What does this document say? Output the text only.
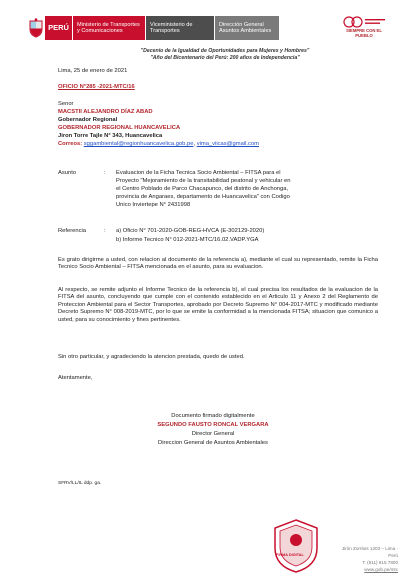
PERÚ	Ministerio de Transportes y Comunicaciones
Viceministerio de Transportes
Dirección General Asuntos Ambientales	SIEMPRE CON EL PUEBLO
"Decenio de la Igualdad de Oportunidades para Mujeres y Hombres"
"Año del Bicentenario del Perú: 200 años de Independencia"
Lima, 25 de enero de 2021
OFICIO N°285 -2021-MTC/16
Senor
MACSTII ALEJANDRO DÍAZ ABAD
Gobernador Regional
GOBERNADOR REGIONAL HUANCAVELICA
Jiron Torre Tajle N° 343, Huancavelica
Correos: sggambiental@regionhuancavelica.gob.pe, vima_viicas@gmail.com
Asunto	: Evaluacion de la Ficha Tecnica Socio Ambiental – FITSA para el
Proyecto "Mejoramiento de la transitabilidad peatonal y vehicular en
el Centro Poblado de Parco Chacapunco, del distrito de Anchonga,
provincia de Angaraes, departamento de Huancavelica" con Codigo
Unico Inviertepe N° 2431998
Referencia	: a) Oficio N° 701-2020-GOB-REG-HVCA (E-302129-2020)
b) Informe Tecnico N° 012-2021-MTC/16.02.VADP.YGA
Es grato dirigirme a usted, con relacion al documento de la referencia a), mediante el cual su representado, remite la Ficha Tecnico Socio Ambiental – FITSA mencionada en el asunto, para su evaluacion.
Al respecto, se remite adjunto el Informe Tecnico de la referencia b), el cual precisa los resultados de la evaluacion de la FITSA del asunto, concluyendo que cumple con el contenido establecido en el Articulo 11 y Anexo 2 del Reglamento de Proteccion Ambiental para el Sector Transportes, aprobado por Decreto Supremo N° 004-2017-MTC y modificado mediante Decreto Supremo N° 008-2019-MTC, por lo que se emite la conformidad a la mencionada FITSA; situacion que comunico a usted, para su conocimiento y fines pertinentes.
Sin otro particular, y agradeciendo la atencion prestada, quedo de usted.
Atentamente,
Documento firmado digitalmente
SEGUNDO FAUSTO RONCAL VERGARA
Director General
Direccion General de Asuntos Ambientales
SFRV/LL/IL ddp. ga.
FIRMA DIGITAL
Jirón Zorritos 1203 – Lima · Perú
T. (511) 615 7800
www.gob.pe/mtc
